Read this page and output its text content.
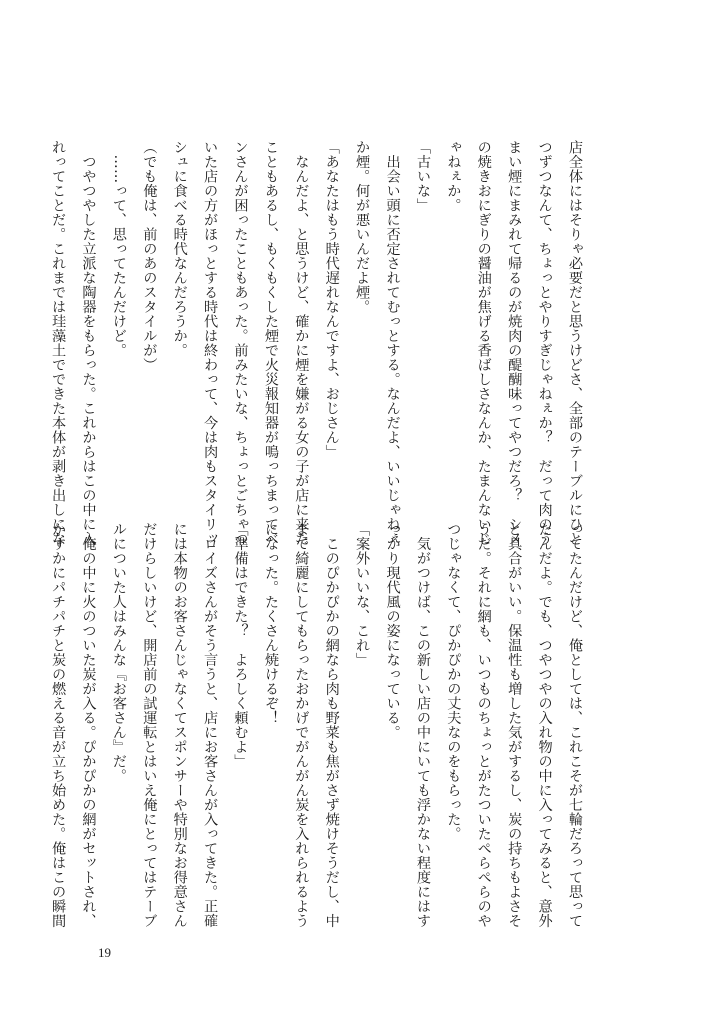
店全体にはそりゃ必要だと思うけどさ、全部のテーブルにひと
つずつなんて、ちょっとやりすぎじゃねぇか？　だって肉のう
まい煙にまみれて帰るのが焼肉の醍醐味ってやつだろ？　シメ
の焼きおにぎりの醤油が焦げる香ばしさなんか、たまんないじ
ゃねぇか。
「古いな」
　出会い頭に否定されてむっとする。なんだよ、いいじゃねぇ
か煙。何が悪いんだよ煙。
「あなたはもう時代遅れなんですよ、おじさん」
　なんだよ、と思うけど、確かに煙を嫌がる女の子が店に来た
こともあるし、もくもくした煙で火災報知器が鳴っちまってベ
ンさんが困ったこともあった。前みたいな、ちょっとごちゃつ
いた店の方がほっとする時代は終わって、今は肉もスタイリッ
シュに食べる時代なんだろうか。
（でも俺は、前のあのスタイルが）
　……って、思ってたんだけど。
　つやつやした立派な陶器をもらった。これからはこの中に入
れってことだ。これまでは珪藻土でできた本体が剥き出しにな
ってたんだけど、俺としては、これこそが七輪だろって思って
たんだよ。でも、つやつやの入れ物の中に入ってみると、意外
と具合がいい。保温性も増した気がするし、炭の持ちもよさそ
うだ。それに網も、いつものちょっとがたついたぺらぺらのや
つじゃなくて、ぴかぴかの丈夫なのをもらった。
　気がつけば、この新しい店の中にいても浮かない程度にはす
っかり現代風の姿になっている。
「案外いいな、これ」
　このぴかぴかの網なら肉も野菜も焦がさず焼けそうだし、中
まで綺麗にしてもらったおかげでがんがん炭を入れられるよう
になった。たくさん焼けるぞ！
「準備はできた？　よろしく頼むよ」
　ロイズさんがそう言うと、店にお客さんが入ってきた。正確
には本物のお客さんじゃなくてスポンサーや特別なお得意さん
だけらしいけど、開店前の試運転とはいえ俺にとってはテーブ
ルについた人はみんな『お客さん』だ。
　俺の中に火のついた炭が入る。ぴかぴかの網がセットされ、
かすかにパチパチと炭の燃える音が立ち始めた。俺はこの瞬間
19
